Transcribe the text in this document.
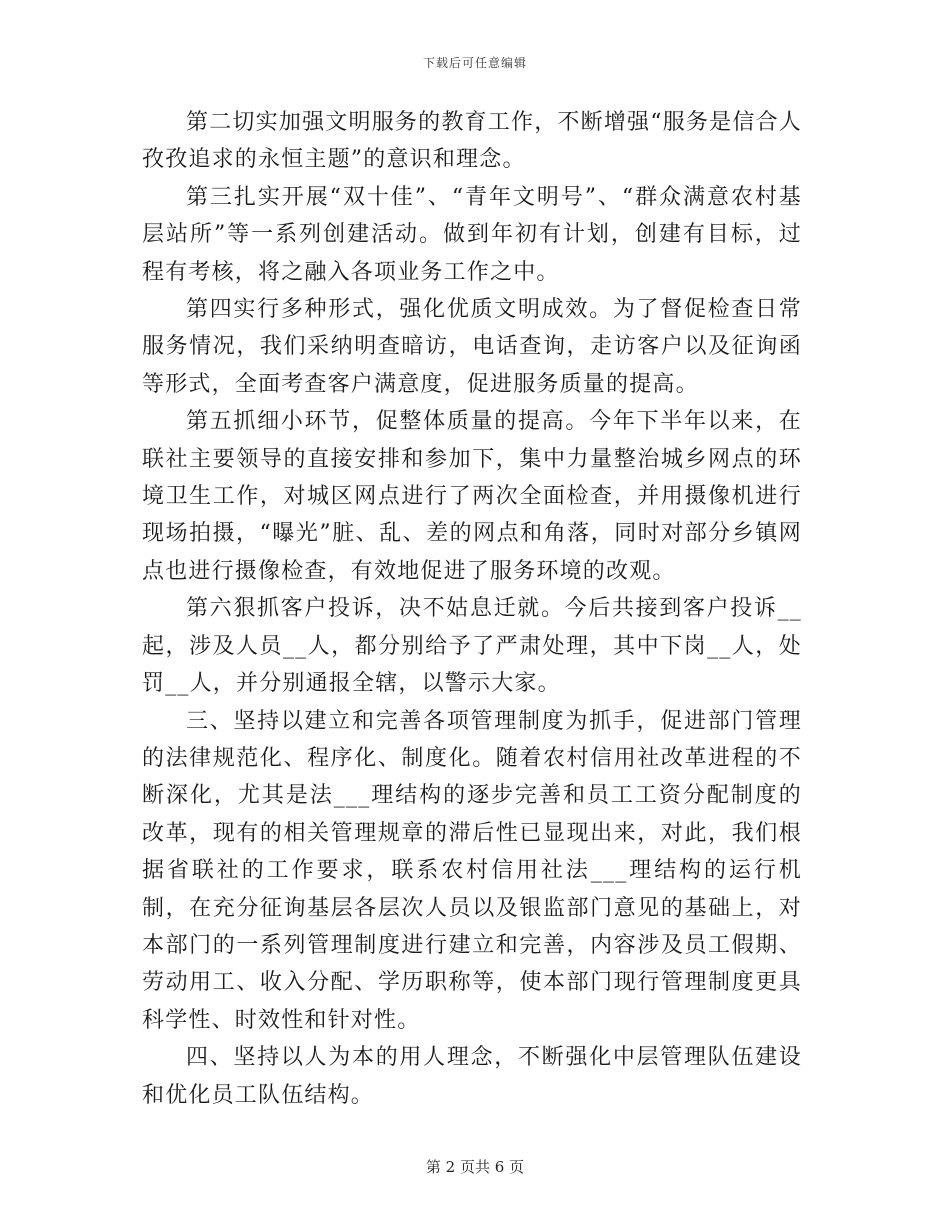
下载后可任意编辑

第二切实加强文明服务的教育工作，不断增强“服务是信合人孜孜追求的永恒主题”的意识和理念。

第三扎实开展“双十佳”、“青年文明号”、“群众满意农村基层站所”等一系列创建活动。做到年初有计划，创建有目标，过程有考核，将之融入各项业务工作之中。

第四实行多种形式，强化优质文明成效。为了督促检查日常服务情况，我们采纳明查暗访，电话查询，走访客户以及征询函等形式，全面考查客户满意度，促进服务质量的提高。

第五抓细小环节，促整体质量的提高。今年下半年以来，在联社主要领导的直接安排和参加下，集中力量整治城乡网点的环境卫生工作，对城区网点进行了两次全面检查，并用摄像机进行现场拍摄，“曝光”脏、乱、差的网点和角落，同时对部分乡镇网点也进行摄像检查，有效地促进了服务环境的改观。

第六狠抓客户投诉，决不姑息迁就。今后共接到客户投诉__起，涉及人员__人，都分别给予了严肃处理，其中下岗__人，处罚__人，并分别通报全辖，以警示大家。

三、坚持以建立和完善各项管理制度为抓手，促进部门管理的法律规范化、程序化、制度化。随着农村信用社改革进程的不断深化，尤其是法___理结构的逐步完善和员工工资分配制度的改革，现有的相关管理规章的滞后性已显现出来，对此，我们根据省联社的工作要求，联系农村信用社法___理结构的运行机制，在充分征询基层各层次人员以及银监部门意见的基础上，对本部门的一系列管理制度进行建立和完善，内容涉及员工假期、劳动用工、收入分配、学历职称等，使本部门现行管理制度更具科学性、时效性和针对性。

四、坚持以人为本的用人理念，不断强化中层管理队伍建设和优化员工队伍结构。

第 2 页共 6 页
